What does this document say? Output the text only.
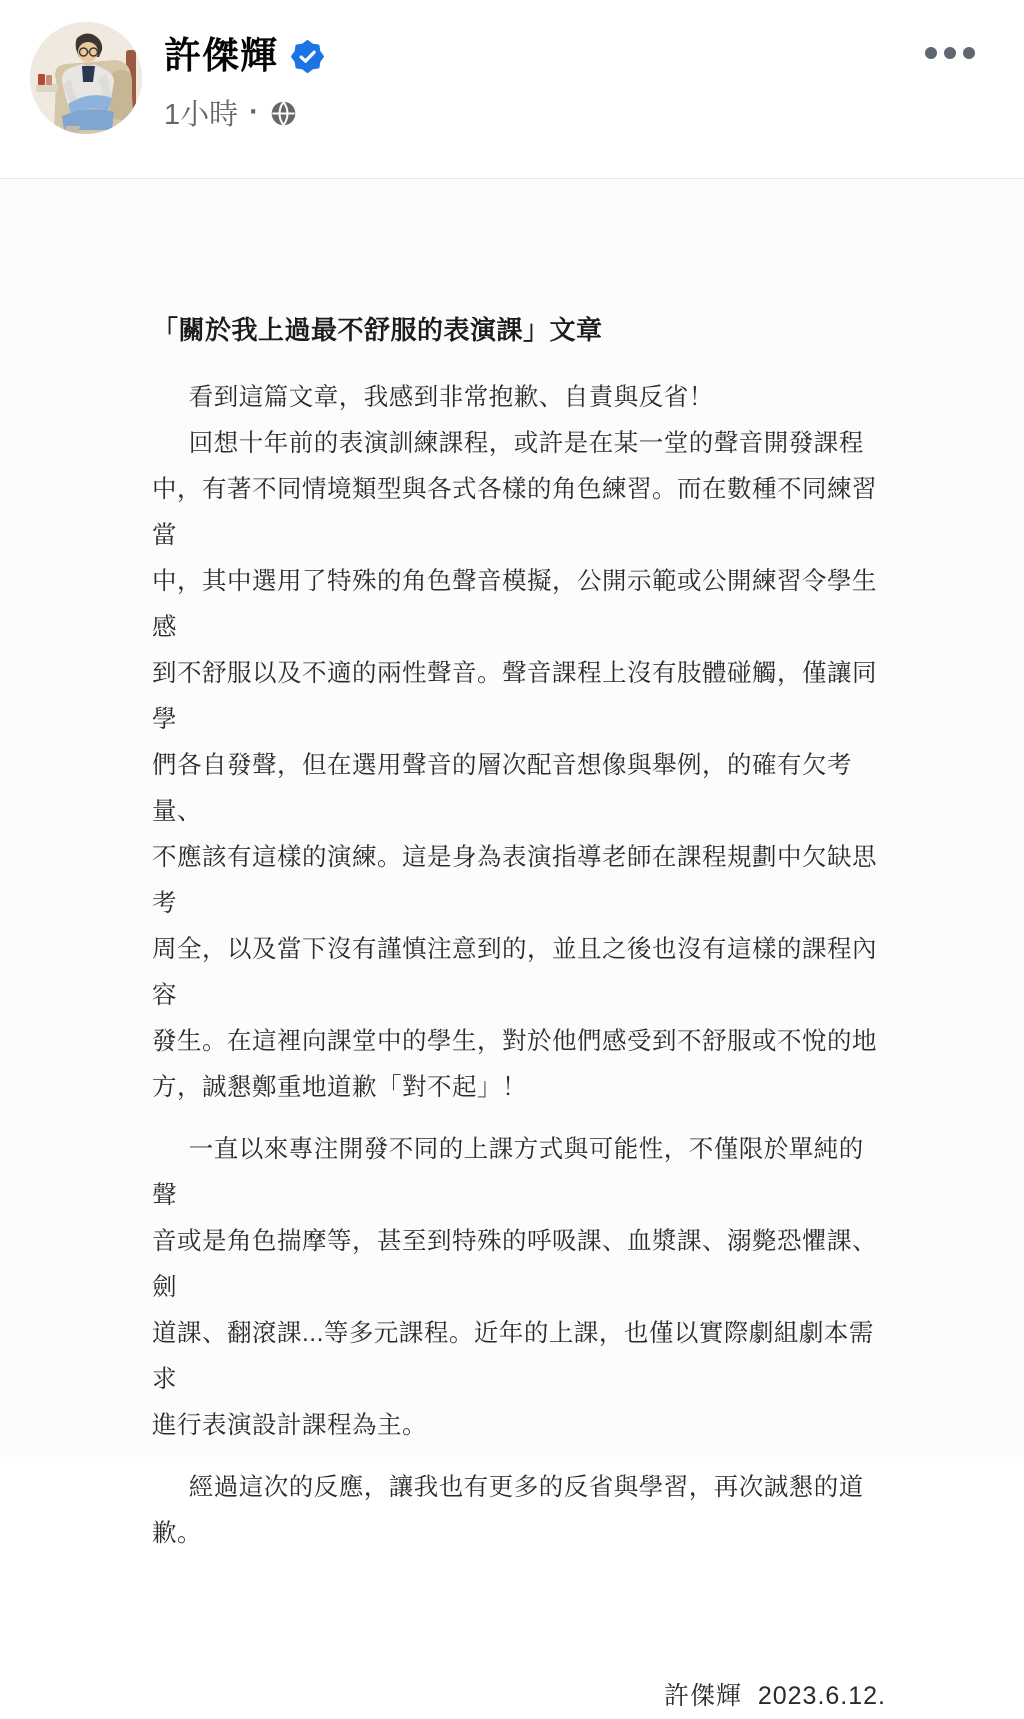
許傑輝
1小時 ·
「關於我上過最不舒服的表演課」文章
看到這篇文章，我感到非常抱歉、自責與反省！
回想十年前的表演訓練課程，或許是在某一堂的聲音開發課程
中，有著不同情境類型與各式各樣的角色練習。而在數種不同練習當
中，其中選用了特殊的角色聲音模擬，公開示範或公開練習令學生感
到不舒服以及不適的兩性聲音。聲音課程上沒有肢體碰觸，僅讓同學
們各自發聲，但在選用聲音的層次配音想像與舉例，的確有欠考量、
不應該有這樣的演練。這是身為表演指導老師在課程規劃中欠缺思考
周全，以及當下沒有謹慎注意到的，並且之後也沒有這樣的課程內容
發生。在這裡向課堂中的學生，對於他們感受到不舒服或不悅的地
方，誠懇鄭重地道歉「對不起」！
一直以來專注開發不同的上課方式與可能性，不僅限於單純的聲
音或是角色揣摩等，甚至到特殊的呼吸課、血漿課、溺斃恐懼課、劍
道課、翻滾課...等多元課程。近年的上課，也僅以實際劇組劇本需求
進行表演設計課程為主。
經過這次的反應，讓我也有更多的反省與學習，再次誠懇的道歉。
許傑輝  2023.6.12.
